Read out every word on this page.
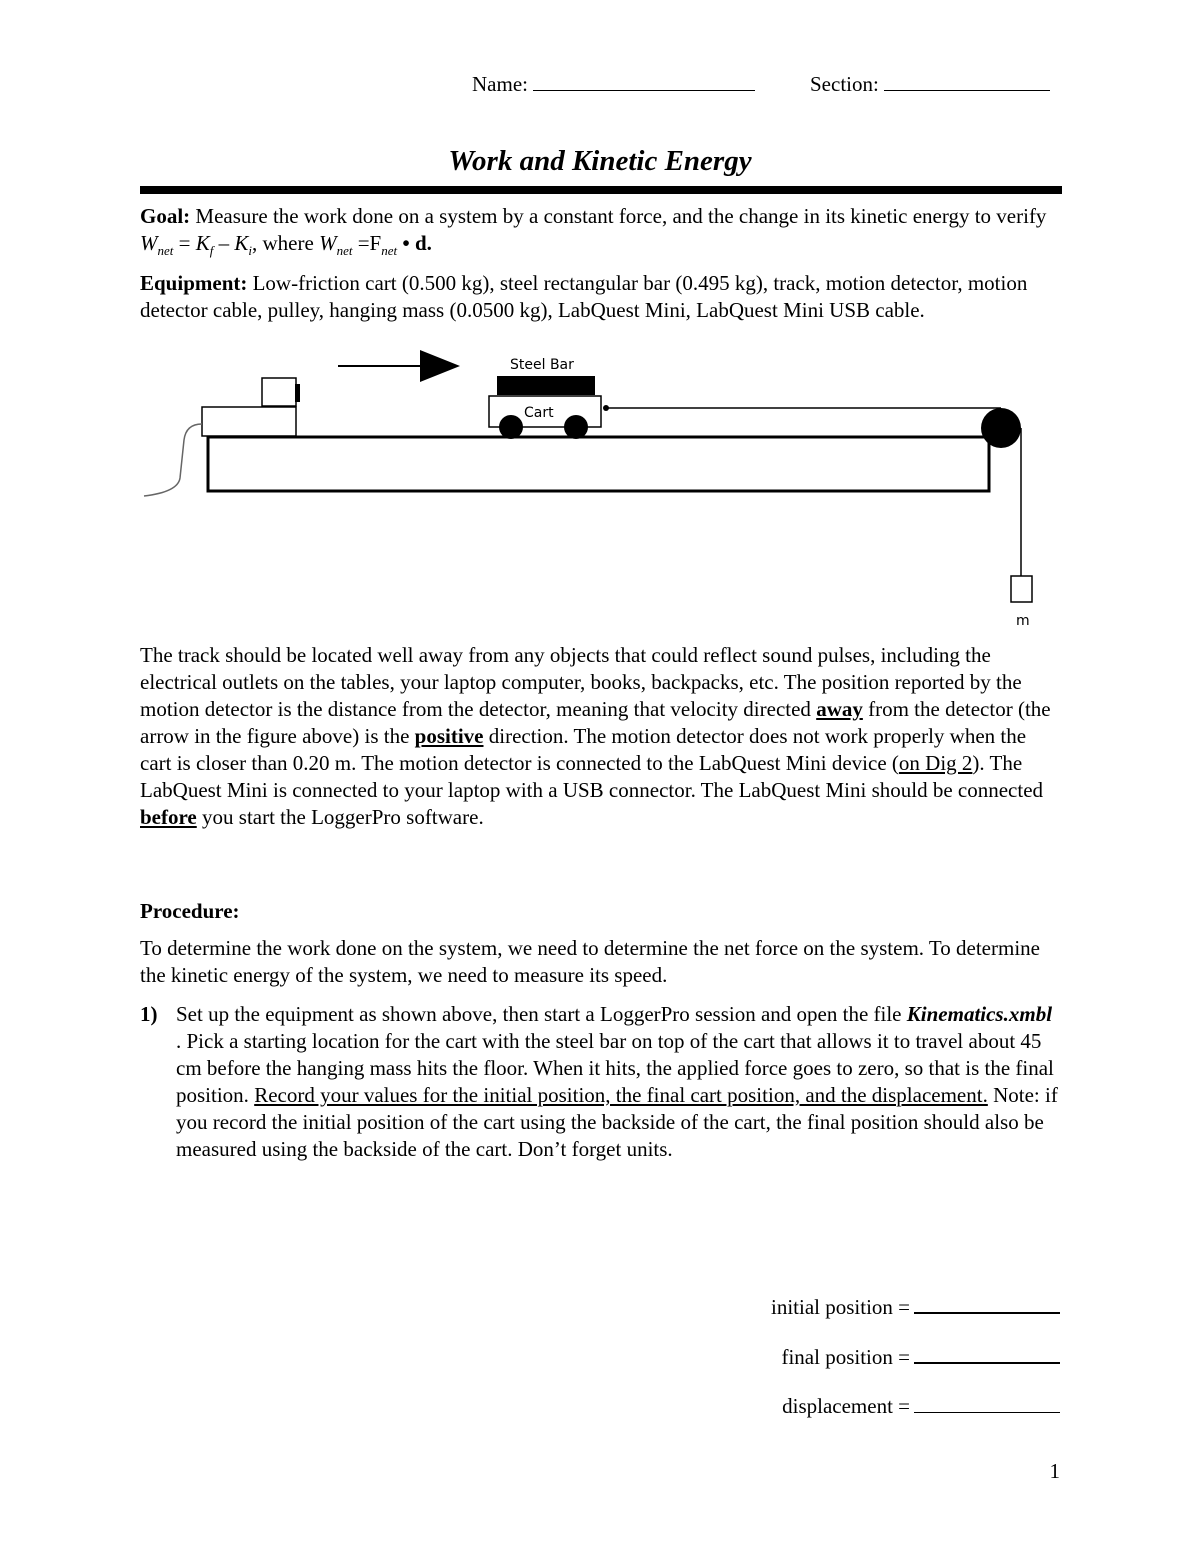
Name:	Section:
Work and Kinetic Energy
Goal: Measure the work done on a system by a constant force, and the change in its kinetic energy to verify $W_{net} = K_f - K_i$, where $W_{net} =F_{net}$ • d.
Equipment: Low-friction cart (0.500 kg), steel rectangular bar (0.495 kg), track, motion detector, motion detector cable, pulley, hanging mass (0.0500 kg), LabQuest Mini, LabQuest Mini USB cable.
Steel Bar
Cart
m
The track should be located well away from any objects that could reflect sound pulses, including the electrical outlets on the tables, your laptop computer, books, backpacks, etc. The position reported by the motion detector is the distance from the detector, meaning that velocity directed away from the detector (the arrow in the figure above) is the positive direction. The motion detector does not work properly when the cart is closer than 0.20 m. The motion detector is connected to the LabQuest Mini device (on Dig 2). The LabQuest Mini is connected to your laptop with a USB connector. The LabQuest Mini should be connected before you start the LoggerPro software.
Procedure:
To determine the work done on the system, we need to determine the net force on the system. To determine the kinetic energy of the system, we need to measure its speed.
1) Set up the equipment as shown above, then start a LoggerPro session and open the file Kinematics.xmbl . Pick a starting location for the cart with the steel bar on top of the cart that allows it to travel about 45 cm before the hanging mass hits the floor. When it hits, the applied force goes to zero, so that is the final position. Record your values for the initial position, the final cart position, and the displacement. Note: if you record the initial position of the cart using the backside of the cart, the final position should also be measured using the backside of the cart. Don’t forget units.
initial position =
final position =
displacement =
1
